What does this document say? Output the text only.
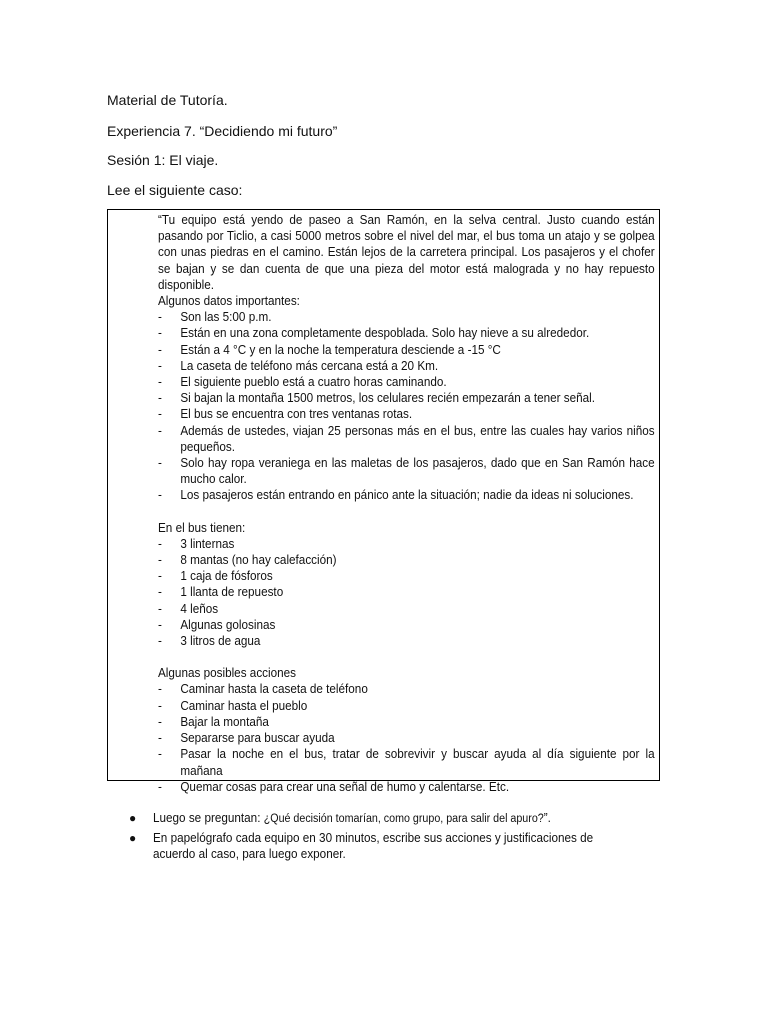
Material de Tutoría.
Experiencia 7. “Decidiendo mi futuro”
Sesión 1: El viaje.
Lee el siguiente caso:

“Tu equipo está yendo de paseo a San Ramón, en la selva central. Justo cuando están pasando por Ticlio, a casi 5000 metros sobre el nivel del mar, el bus toma un atajo y se golpea con unas piedras en el camino. Están lejos de la carretera principal. Los pasajeros y el chofer se bajan y se dan cuenta de que una pieza del motor está malograda y no hay repuesto disponible.

Algunos datos importantes:

-	Son las 5:00 p.m.
-	Están en una zona completamente despoblada. Solo hay nieve a su alrededor.
-	Están a 4 °C y en la noche la temperatura desciende a -15 °C
-	La caseta de teléfono más cercana está a 20 Km.
-	El siguiente pueblo está a cuatro horas caminando.
-	Si bajan la montaña 1500 metros, los celulares recién empezarán a tener señal.
-	El bus se encuentra con tres ventanas rotas.
-	Además de ustedes, viajan 25 personas más en el bus, entre las cuales hay varios niños pequeños.
-	Solo hay ropa veraniega en las maletas de los pasajeros, dado que en San Ramón hace mucho calor.
-	Los pasajeros están entrando en pánico ante la situación; nadie da ideas ni soluciones.

En el bus tienen:

-	3 linternas
-	8 mantas (no hay calefacción)
-	1 caja de fósforos
-	1 llanta de repuesto
-	4 leños
-	Algunas golosinas
-	3 litros de agua

Algunas posibles acciones

-	Caminar hasta la caseta de teléfono
-	Caminar hasta el pueblo
-	Bajar la montaña
-	Separarse para buscar ayuda
-	Pasar la noche en el bus, tratar de sobrevivir y buscar ayuda al día siguiente por la mañana
-	Quemar cosas para crear una señal de humo y calentarse. Etc.
●	Luego se preguntan: ¿Qué decisión tomarían, como grupo, para salir del apuro?”.
●	En papelógrafo cada equipo en 30 minutos, escribe sus acciones y justificaciones de acuerdo al caso, para luego exponer.
